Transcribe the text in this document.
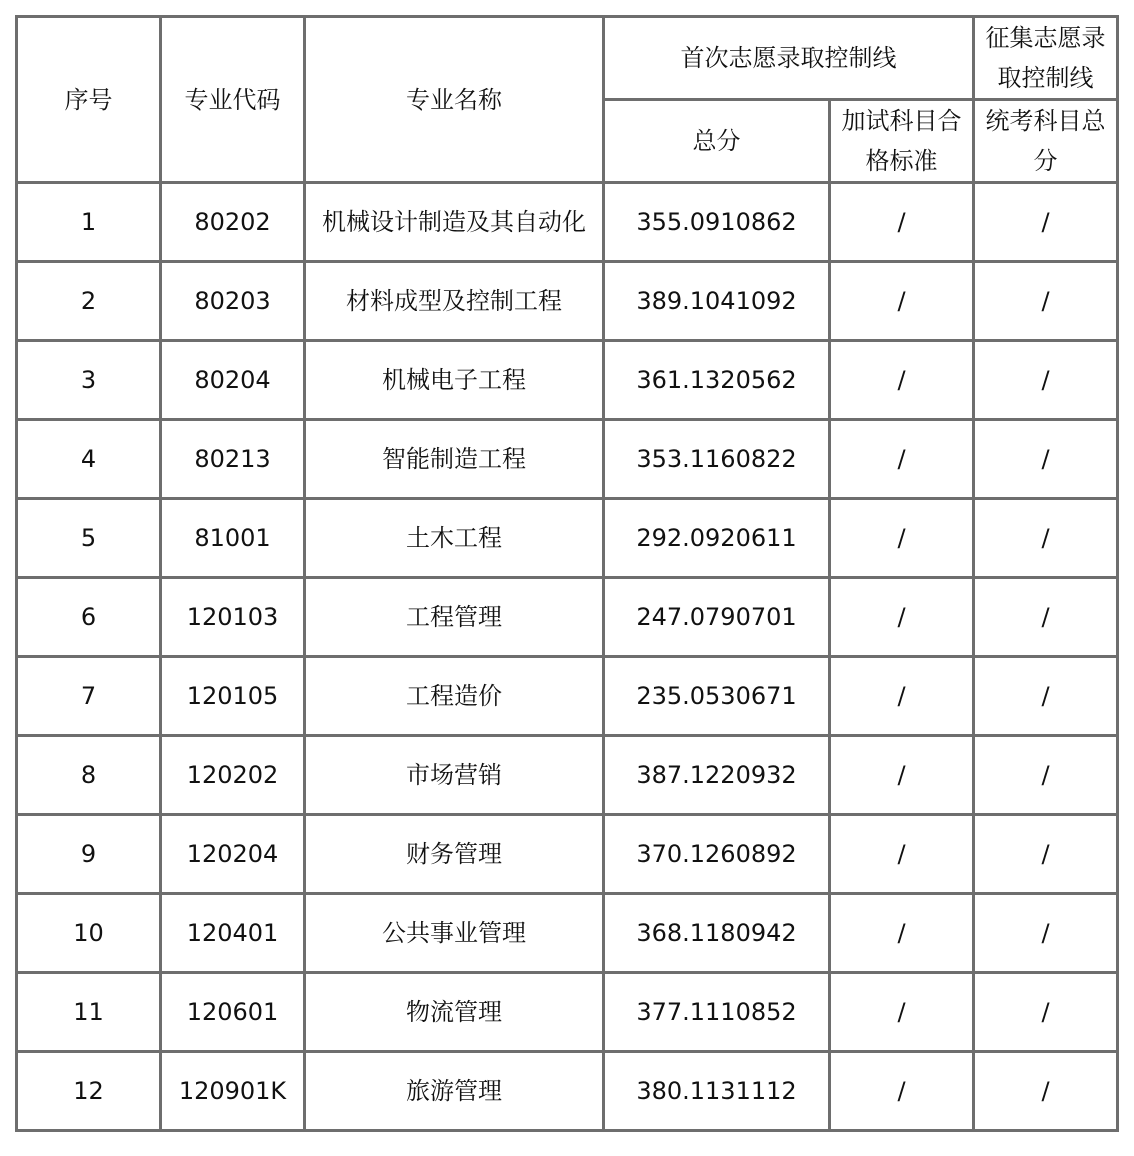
序号	专业代码	专业名称	首次志愿录取控制线		征集志愿录取控制线
			总分	加试科目合格标准	统考科目总分
1	80202	机械设计制造及其自动化	355.0910862	/	/
2	80203	材料成型及控制工程	389.1041092	/	/
3	80204	机械电子工程	361.1320562	/	/
4	80213	智能制造工程	353.1160822	/	/
5	81001	土木工程	292.0920611	/	/
6	120103	工程管理	247.0790701	/	/
7	120105	工程造价	235.0530671	/	/
8	120202	市场营销	387.1220932	/	/
9	120204	财务管理	370.1260892	/	/
10	120401	公共事业管理	368.1180942	/	/
11	120601	物流管理	377.1110852	/	/
12	120901K	旅游管理	380.1131112	/	/
